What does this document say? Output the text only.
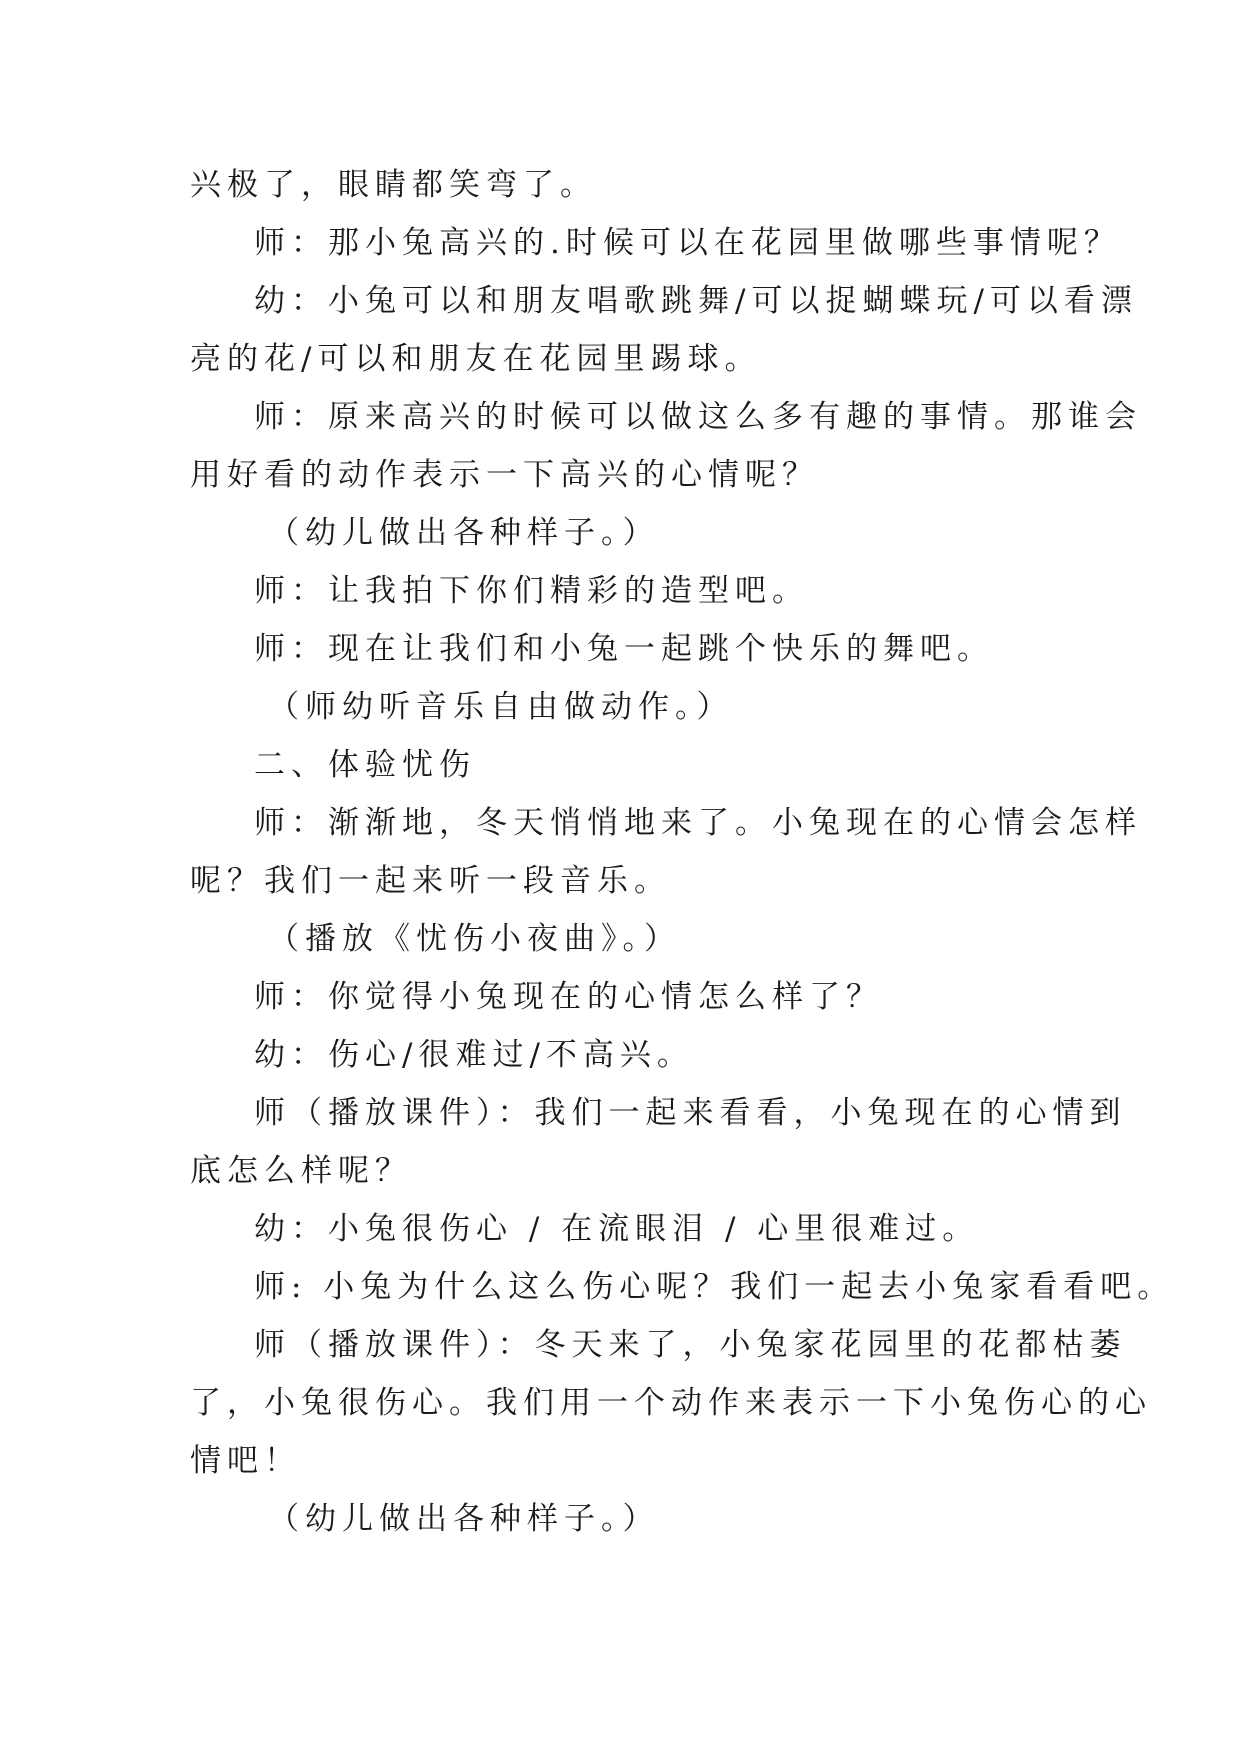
兴极了，眼睛都笑弯了。
师：那小兔高兴的.时候可以在花园里做哪些事情呢？
幼：小兔可以和朋友唱歌跳舞/可以捉蝴蝶玩/可以看漂
亮的花/可以和朋友在花园里踢球。
师：原来高兴的时候可以做这么多有趣的事情。那谁会
用好看的动作表示一下高兴的心情呢？
（幼儿做出各种样子。）
师：让我拍下你们精彩的造型吧。
师：现在让我们和小兔一起跳个快乐的舞吧。
（师幼听音乐自由做动作。）
二、体验忧伤
师：渐渐地，冬天悄悄地来了。小兔现在的心情会怎样
呢？我们一起来听一段音乐。
（播放《忧伤小夜曲》。）
师：你觉得小兔现在的心情怎么样了？
幼：伤心/很难过/不高兴。
师（播放课件）：我们一起来看看，小兔现在的心情到
底怎么样呢？
幼：小兔很伤心 / 在流眼泪 / 心里很难过。
师: 小兔为什么这么伤心呢？我们一起去小兔家看看吧。
师（播放课件）：冬天来了，小兔家花园里的花都枯萎
了，小兔很伤心。我们用一个动作来表示一下小兔伤心的心
情吧！
（幼儿做出各种样子。）
